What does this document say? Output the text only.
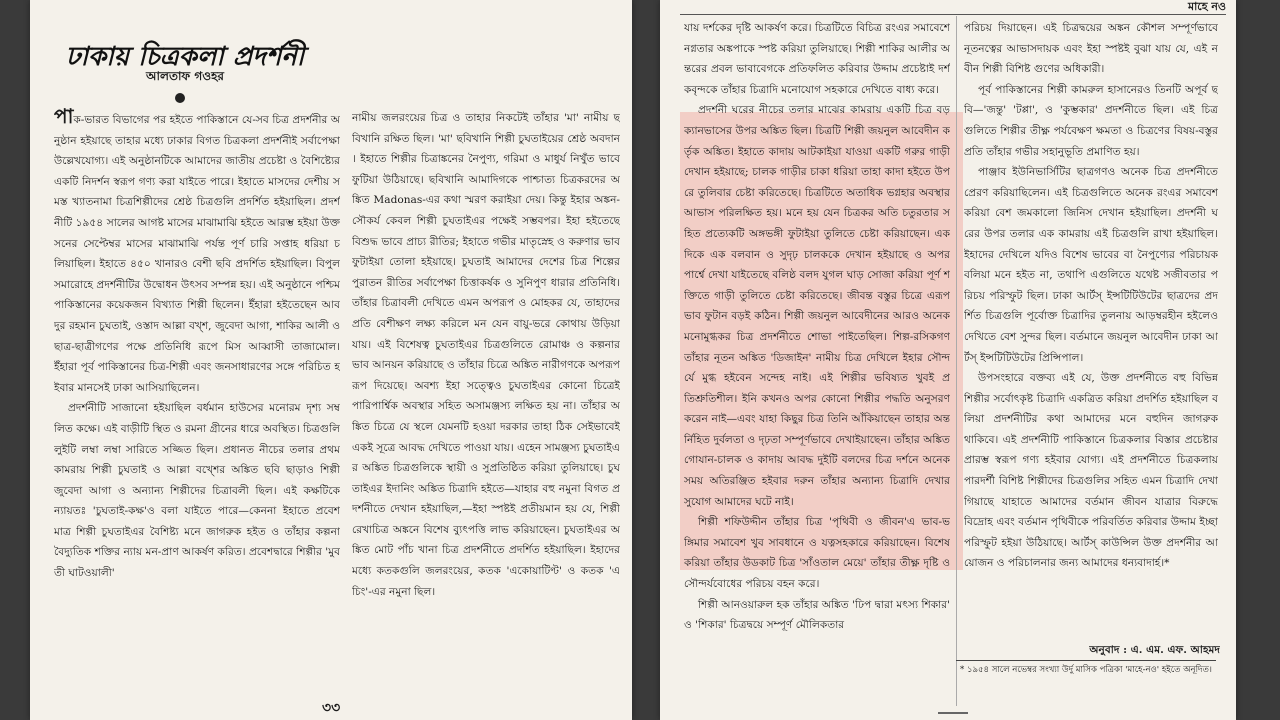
ঢাকায় চিত্রকলা প্রদর্শনী
আলতাফ গওহর

পাক-ভারত বিভাগের পর হইতে পাকিস্তানে যে-সব চিত্র প্রদর্শনীর অনুষ্ঠান হইয়াছে তাহার মধ্যে ঢাকার বিগত চিত্রকলা প্রদর্শনীই সর্বাপেক্ষা উল্লেখযোগ্য। এই অনুষ্ঠানটিকে আমাদের জাতীয় প্রচেষ্টা ও বৈশিষ্ট্যের একটি নিদর্শন স্বরূপ গণ্য করা যাইতে পারে। ইহাতে মাসদের দেশীয় সমস্ত খ্যাতনামা চিত্রশিল্পীদের শ্রেষ্ঠ চিত্রগুলি প্রদর্শিত হইয়াছিল। প্রদর্শনীটি ১৯৫৪ সালের আগষ্ট মাসের মাঝামাঝি হইতে আরম্ভ হইয়া উক্ত সনের সেপ্টেম্বর মাসের মাঝামাঝি পর্যন্ত পূর্ণ চারি সপ্তাহ ধরিয়া চলিয়াছিল। ইহাতে ৪৫০ খানারও বেশী ছবি প্রদর্শিত হইয়াছিল। বিপুল সমারোহে প্রদর্শনীটির উদ্বোধন উৎসব সম্পন্ন হয়। এই অনুষ্ঠানে পশ্চিম পাকিস্তানের কয়েকজন বিখ্যাত শিল্পী ছিলেন। ইঁহারা হইতেছেন আবদুর রহমান চুঘতাই, ওস্তাদ আল্লা বখ্শ, জুবেদা আগা, শাকির আলী ও ছাত্র-ছাত্রীগণের পক্ষে প্রতিনিধি রূপে মিস আব্বাসী তাজামোল। ইঁহারা পূর্ব পাকিস্তানের চিত্র-শিল্পী এবং জনসাধারণের সঙ্গে পরিচিত হইবার মানসেই ঢাকা আসিয়াছিলেন।

প্রদর্শনীটি সাজানো হইয়াছিল বর্ধমান হাউসের মনোরম দৃশ্য সম্বলিত কক্ষে। এই বাড়ীটি স্থিত ও রমনা গ্রীনের ধারে অবস্থিত। চিত্রগুলি লুইটি লম্বা লম্বা সারিতে সজ্জিত ছিল। প্রধানত নীচের তলার প্রথম কামরায় শিল্পী চুঘতাই ও আল্লা বখ্শের অঙ্কিত ছবি ছাড়াও শিল্পী জুবেদা আগা ও অন্যান্য শিল্পীদের চিত্রাবলী ছিল। এই কক্ষটিকে ন্যায়তঃ 'চুঘতাই-কক্ষ'ও বলা যাইতে পারে—কেননা ইহাতে প্রবেশ মাত্র শিল্পী চুঘতাইএর বৈশিষ্ট্য মনে জাগরুক হইত ও তাঁহার কল্পনা বৈদ্যুতিক শক্তির ন্যায় মন-প্রাণ আকর্ষণ করিত। প্রবেশদ্বারে শিল্পীর 'মুবতী ঘাটওয়ালী'

নামীয় জলরংয়ের চিত্র ও তাহার নিকটেই তাঁহার 'মা' নামীয় ছবিখানি রক্ষিত ছিল। 'মা' ছবিখানি শিল্পী চুঘতাইয়ের শ্রেষ্ঠ অবদান। ইহাতে শিল্পীর চিত্রাঙ্কনের নৈপুণ্য, গরিমা ও মাধুর্য নিখুঁত ভাবে ফুটিয়া উঠিয়াছে। ছবিখানি আমাদিগকে পাশ্চাত্য চিত্রকরদের অঙ্কিত Madonas-এর কথা স্মরণ করাইয়া দেয়। কিন্তু ইহার অঙ্কন-সৌকর্য কেবল শিল্পী চুঘতাইএর পক্ষেই সম্ভবপর। ইহা হইতেছে বিশুদ্ধ ভাবে প্রাচ্য রীতির; ইহাতে গভীর মাতৃস্নেহ ও করুণার ভাব ফুটাইয়া তোলা হইয়াছে। চুঘতাই আমাদের দেশের চিত্র শিল্পের পুরাতন রীতির সর্বাপেক্ষা চিত্তাকর্ষক ও সুনিপুণ ধারার প্রতিনিধি। তাঁহার চিত্রাবলী দেখিতে এমন অপরূপ ও মোহকর যে, তাহাদের প্রতি বেশীক্ষণ লক্ষ্য করিলে মন যেন বায়ু-ভরে কোথায় উড়িয়া যায়। এই বিশেষত্ব চুঘতাইএর চিত্রগুলিতে রোমাঞ্চ ও কল্পনার ভাব আনয়ন করিয়াছে ও তাঁহার চিত্রে অঙ্কিত নারীগণকে অপরূপ রূপ দিয়েছে। অবশ্য ইহা সত্ত্বেও চুঘতাইএর কোনো চিত্রেই পারিপার্শ্বিক অবস্থার সহিত অসামঞ্জস্য লক্ষিত হয় না। তাঁহার অঙ্কিত চিত্রে যে স্থলে যেমনটি হওয়া দরকার তাহা ঠিক সেইভাবেই একই সূত্রে আবদ্ধ দেখিতে পাওয়া যায়। এহেন সামঞ্জস্য চুঘতাইএর অঙ্কিত চিত্রগুলিকে স্থায়ী ও সুপ্রতিষ্ঠিত করিয়া তুলিয়াছে। চুঘতাইএর ইদানিং অঙ্কিত চিত্রাদি হইতে—যাহার বহু নমুনা বিগত প্রদর্শনীতে দেখান হইয়াছিল,—ইহা স্পষ্টই প্রতীয়মান হয় যে, শিল্পী রেখাচিত্র অঙ্কনে বিশেষ ব্যুৎপত্তি লাভ করিয়াছেন। চুঘতাইএর অঙ্কিত মোট পাঁচ খানা চিত্র প্রদর্শনীতে প্রদর্শিত হইয়াছিল। ইহাদের মধ্যে কতকগুলি জলরংয়ের, কতক 'একোয়াটিণ্ট' ও কতক 'এচিং'-এর নমুনা ছিল।

৩৩
মাহে নও

যায় দর্শকের দৃষ্টি আকর্ষণ করে। চিত্রটিতে বিচিত্র রংএর সমাবেশে নগ্নতার অঙ্কপাকে স্পষ্ট করিয়া তুলিয়াছে। শিল্পী শাকির আলীর অন্তরের প্রবল ভাবাবেগকে প্রতিফলিত করিবার উদ্দাম প্রচেষ্টাই দর্শকবৃন্দকে তাঁহার চিত্রাদি মনোযোগ সহকারে দেখিতে বাধ্য করে।

প্রদর্শনী ঘরের নীচের তলার মাঝের কামরায় একটি চিত্র বড় ক্যানভাসের উপর অঙ্কিত ছিল। চিত্রটি শিল্পী জয়নুল আবেদীন কর্তৃক অঙ্কিত। ইহাতে কাদায় আটকাইয়া যাওয়া একটি গরুর গাড়ী দেখান হইয়াছে; চালক গাড়ীর চাকা ধরিয়া তাহা কাদা হইতে উপরে তুলিবার চেষ্টা করিতেছে। চিত্রটিতে অতাধিক ভগ্নহার অবস্থার আভাস পরিলক্ষিত হয়। মনে হয় যেন চিত্রকর অতি চতুরতার সহিত প্রত্যেকটি অঙ্গভঙ্গী ফুটাইয়া তুলিতে চেষ্টা করিয়াছেন। এক দিকে এক বলবান ও সুদৃঢ় চালককে দেখান হইয়াছে ও অপর পার্শ্বে দেখা যাইতেছে বলিষ্ঠ বলদ যুগল ঘাড় সোজা করিয়া পূর্ণ শক্তিতে গাড়ী তুলিতে চেষ্টা করিতেছে। জীবন্ত বস্তুর চিত্রে এরূপ ভাব ফুটান বড়ই কঠিন। শিল্পী জয়নুল আবেদীনের আরও অনেক মনোমুগ্ধকর চিত্র প্রদর্শনীতে শোভা পাইতেছিল। শিল্প-রসিকগণ তাঁহার নূতন অঙ্কিত 'ডিজাইন' নামীয় চিত্র দেখিলে ইহার সৌন্দর্যে মুগ্ধ হইবেন সন্দেহ নাই। এই শিল্পীর ভবিষ্যত খুবই প্রতিশ্রুতিশীল। ইনি কখনও অপর কোনো শিল্পীর পদ্ধতি অনুসরণ করেন নাই—এবং যাহা কিছুর চিত্র তিনি আঁকিয়াছেন তাহার অন্তর্নিহিত দুর্বলতা ও দৃঢ়তা সম্পূর্ণভাবে দেখাইয়াছেন। তাঁহার অঙ্কিত গোযান-চালক ও কাদায় আবদ্ধ দুইটি বলদের চিত্র দর্শনে অনেক সময় অতিরঞ্জিত হইবার দরুন তাঁহার অন্যান্য চিত্রাদি দেখার সুযোগ আমাদের ঘটে নাই।

শিল্পী শফিউদ্দীন তাঁহার চিত্র 'পৃথিবী ও জীবন'এ ভাব-ভঙ্গিমার সমাবেশ খুব সাবধানে ও যত্নসহকারে করিয়াছেন। বিশেষ করিয়া তাঁহার উডকাট চিত্র 'সাঁওতাল মেয়ে' তাঁহার তীক্ষ্ণ দৃষ্টি ও সৌন্দর্যবোধের পরিচয় বহন করে।

শিল্পী আনওয়ারুল হক তাঁহার অঙ্কিত 'ঢিপ দ্বারা মৎস্য শিকার' ও 'শিকার' চিত্রদ্বয়ে সম্পূর্ণ মৌলিকতার

পরিচয় দিয়াছেন। এই চিত্রদ্বয়ের অঙ্কন কৌশল সম্পূর্ণভাবে নূতনত্বের আভাসদায়ক এবং ইহা স্পষ্টই বুঝা যায় যে, এই নবীন শিল্পী বিশিষ্ট গুণের অধিকারী।

পূর্ব পাকিস্তানের শিল্পী কামরুল হাসানেরও তিনটি অপূর্ব ছবি—'জন্তু' 'টপ্পা', ও 'কুম্ভকার' প্রদর্শনীতে ছিল। এই চিত্রগুলিতে শিল্পীর তীক্ষ্ণ পর্যবেক্ষণ ক্ষমতা ও চিত্রণের বিষয়-বস্তুর প্রতি তাঁহার গভীর সহানুভূতি প্রমাণিত হয়।

পাঞ্জাব ইউনিভার্সিটির ছাত্রগণও অনেক চিত্র প্রদর্শনীতে প্রেরণ করিয়াছিলেন। এই চিত্রগুলিতে অনেক রংএর সমাবেশ করিয়া বেশ জমকালো জিনিস দেখান হইয়াছিল। প্রদর্শনী ঘরের উপর তলার এক কামরায় এই চিত্রগুলি রাখা হইয়াছিল। ইহাদের দেখিলে যদিও বিশেষ ভাবের বা নৈপুণ্যের পরিচায়ক বলিয়া মনে হইত না, তথাপি এগুলিতে যথেষ্ট সজীবতার পরিচয় পরিস্ফুট ছিল। ঢাকা আর্টস্ ইন্সটিটিউটের ছাত্রদের প্রদর্শিত চিত্রগুলি পূর্বোক্ত চিত্রাদির তুলনায় আড়ম্বরহীন হইলেও দেখিতে বেশ সুন্দর ছিল। বর্তমানে জয়নুল আবেদীন ঢাকা আর্টস্ ইন্সটিটিউটের প্রিন্সিপাল।

উপসংহারে বক্তব্য এই যে, উক্ত প্রদর্শনীতে বহু বিভিন্ন শিল্পীর সর্বোৎকৃষ্ট চিত্রাদি একত্রিত করিয়া প্রদর্শিত হইয়াছিল বলিয়া প্রদর্শনীটির কথা আমাদের মনে বহুদিন জাগরুক থাকিবে। এই প্রদর্শনীটি পাকিস্তানে চিত্রকলার বিস্তার প্রচেষ্টার প্রারম্ভ স্বরূপ গণ্য হইবার যোগ্য। এই প্রদর্শনীতে চিত্রকলায় পারদর্শী বিশিষ্ট শিল্পীদের চিত্রগুলির সহিত এমন চিত্রাদি দেখা গিয়াছে যাহাতে আমাদের বর্তমান জীবন যাত্রার বিরুদ্ধে বিদ্রোহ এবং বর্তমান পৃথিবীকে পরিবর্তিত করিবার উদ্দাম ইচ্ছা পরিস্ফুট হইয়া উঠিয়াছে। আর্টস্ কাউন্সিল উক্ত প্রদর্শনীর আয়োজন ও পরিচালনার জন্য আমাদের ধন্যবাদার্হ।*

অনুবাদ : এ. এম. এফ. আহমদ
* ১৯৫৪ সালে নভেম্বর সংখ্যা উর্দু মাসিক পত্রিকা 'মাহে-নও' হইতে অনূদিত।
